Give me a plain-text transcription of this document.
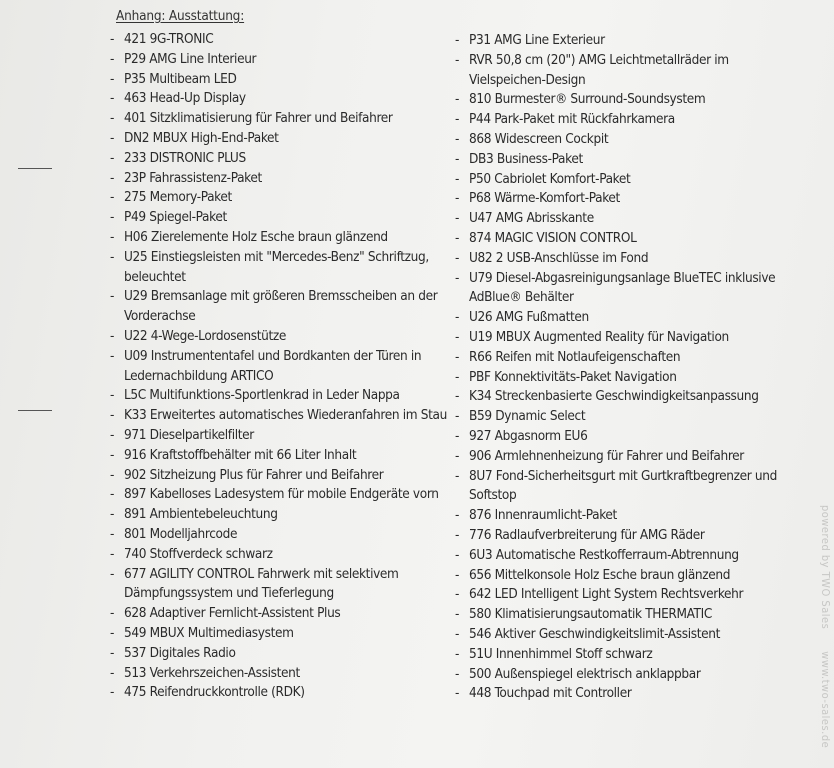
Anhang: Ausstattung:
- 421 9G-TRONIC
- P29 AMG Line Interieur
- P35 Multibeam LED
- 463 Head-Up Display
- 401 Sitzklimatisierung für Fahrer und Beifahrer
- DN2 MBUX High-End-Paket
- 233 DISTRONIC PLUS
- 23P Fahrassistenz-Paket
- 275 Memory-Paket
- P49 Spiegel-Paket
- H06 Zierelemente Holz Esche braun glänzend
- U25 Einstiegsleisten mit "Mercedes-Benz" Schriftzug, beleuchtet
- U29 Bremsanlage mit größeren Bremsscheiben an der Vorderachse
- U22 4-Wege-Lordosenstütze
- U09 Instrumententafel und Bordkanten der Türen in Ledernachbildung ARTICO
- L5C Multifunktions-Sportlenkrad in Leder Nappa
- K33 Erweitertes automatisches Wiederanfahren im Stau
- 971 Dieselpartikelfilter
- 916 Kraftstoffbehälter mit 66 Liter Inhalt
- 902 Sitzheizung Plus für Fahrer und Beifahrer
- 897 Kabelloses Ladesystem für mobile Endgeräte vorn
- 891 Ambientebeleuchtung
- 801 Modelljahrcode
- 740 Stoffverdeck schwarz
- 677 AGILITY CONTROL Fahrwerk mit selektivem Dämpfungssystem und Tieferlegung
- 628 Adaptiver Fernlicht-Assistent Plus
- 549 MBUX Multimediasystem
- 537 Digitales Radio
- 513 Verkehrszeichen-Assistent
- 475 Reifendruckkontrolle (RDK)
- P31 AMG Line Exterieur
- RVR 50,8 cm (20") AMG Leichtmetallräder im Vielspeichen-Design
- 810 Burmester® Surround-Soundsystem
- P44 Park-Paket mit Rückfahrkamera
- 868 Widescreen Cockpit
- DB3 Business-Paket
- P50 Cabriolet Komfort-Paket
- P68 Wärme-Komfort-Paket
- U47 AMG Abrisskante
- 874 MAGIC VISION CONTROL
- U82 2 USB-Anschlüsse im Fond
- U79 Diesel-Abgasreinigungsanlage BlueTEC inklusive AdBlue® Behälter
- U26 AMG Fußmatten
- U19 MBUX Augmented Reality für Navigation
- R66 Reifen mit Notlaufeigenschaften
- PBF Konnektivitäts-Paket Navigation
- K34 Streckenbasierte Geschwindigkeitsanpassung
- B59 Dynamic Select
- 927 Abgasnorm EU6
- 906 Armlehnenheizung für Fahrer und Beifahrer
- 8U7 Fond-Sicherheitsgurt mit Gurtkraftbegrenzer und Softstop
- 876 Innenraumlicht-Paket
- 776 Radlaufverbreiterung für AMG Räder
- 6U3 Automatische Restkofferraum-Abtrennung
- 656 Mittelkonsole Holz Esche braun glänzend
- 642 LED Intelligent Light System Rechtsverkehr
- 580 Klimatisierungsautomatik THERMATIC
- 546 Aktiver Geschwindigkeitslimit-Assistent
- 51U Innenhimmel Stoff schwarz
- 500 Außenspiegel elektrisch anklappbar
- 448 Touchpad mit Controller
powered by TWO Saleswww.two-sales.de
